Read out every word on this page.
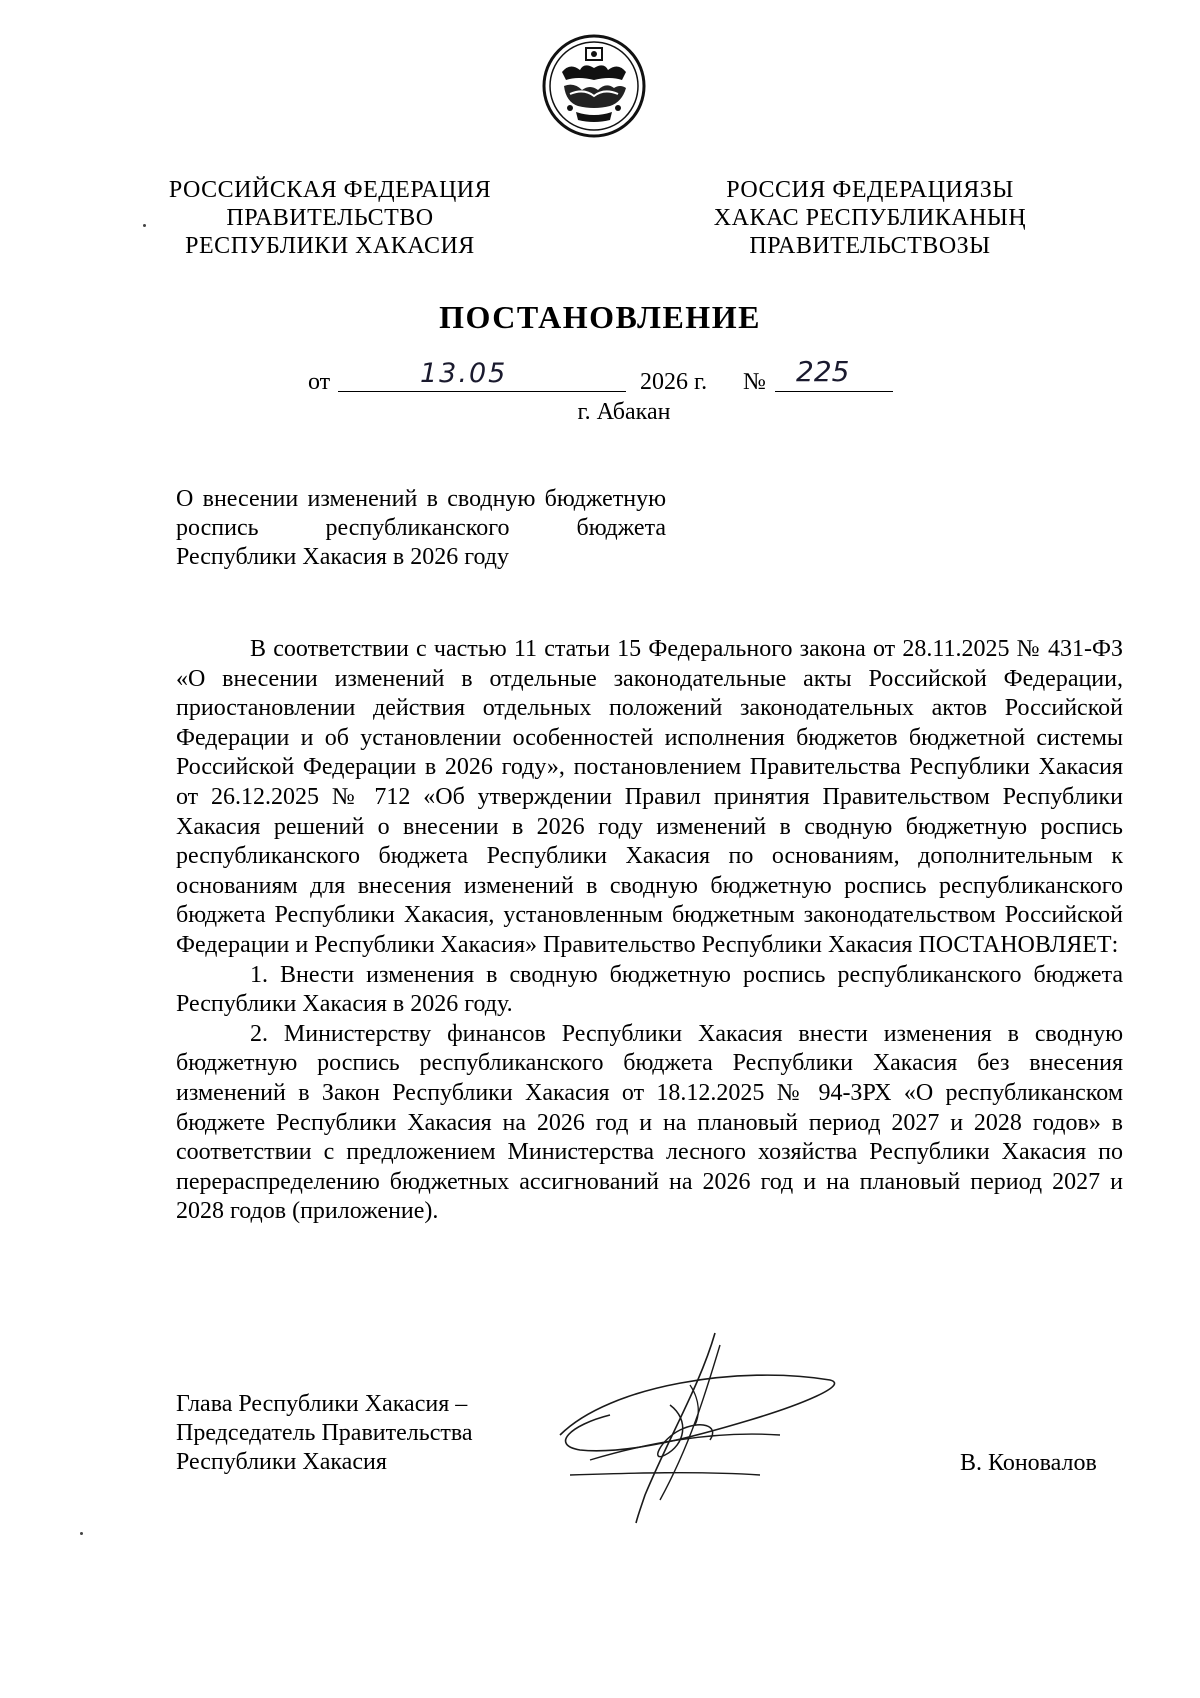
РОССИЙСКАЯ ФЕДЕРАЦИЯ
ПРАВИТЕЛЬСТВО
РЕСПУБЛИКИ ХАКАСИЯ
РОССИЯ ФЕДЕРАЦИЯЗЫ
ХАКАС РЕСПУБЛИКАНЫҢ
ПРАВИТЕЛЬСТВОЗЫ
ПОСТАНОВЛЕНИЕ
от	13.05	2026 г. № 225
г. Абакан
О внесении изменений в сводную бюджетную роспись республиканского бюджета Республики Хакасия в 2026 году

В соответствии с частью 11 статьи 15 Федерального закона от 28.11.2025 № 431-ФЗ «О внесении изменений в отдельные законодательные акты Российской Федерации, приостановлении действия отдельных положений законодательных актов Российской Федерации и об установлении особенностей исполнения бюджетов бюджетной системы Российской Федерации в 2026 году», постановлением Правительства Республики Хакасия от 26.12.2025 № 712 «Об утверждении Правил принятия Правительством Республики Хакасия решений о внесении в 2026 году изменений в сводную бюджетную роспись республиканского бюджета Республики Хакасия по основаниям, дополнительным к основаниям для внесения изменений в сводную бюджетную роспись республиканского бюджета Республики Хакасия, установленным бюджетным законодательством Российской Федерации и Республики Хакасия» Правительство Республики Хакасия ПОСТАНОВЛЯЕТ:

1. Внести изменения в сводную бюджетную роспись республиканского бюджета Республики Хакасия в 2026 году.

2. Министерству финансов Республики Хакасия внести изменения в сводную бюджетную роспись республиканского бюджета Республики Хакасия без внесения изменений в Закон Республики Хакасия от 18.12.2025 № 94-ЗРХ «О республиканском бюджете Республики Хакасия на 2026 год и на плановый период 2027 и 2028 годов» в соответствии с предложением Министерства лесного хозяйства Республики Хакасия по перераспределению бюджетных ассигнований на 2026 год и на плановый период 2027 и 2028 годов (приложение).

Глава Республики Хакасия –
Председатель Правительства
Республики Хакасия	В. Коновалов
